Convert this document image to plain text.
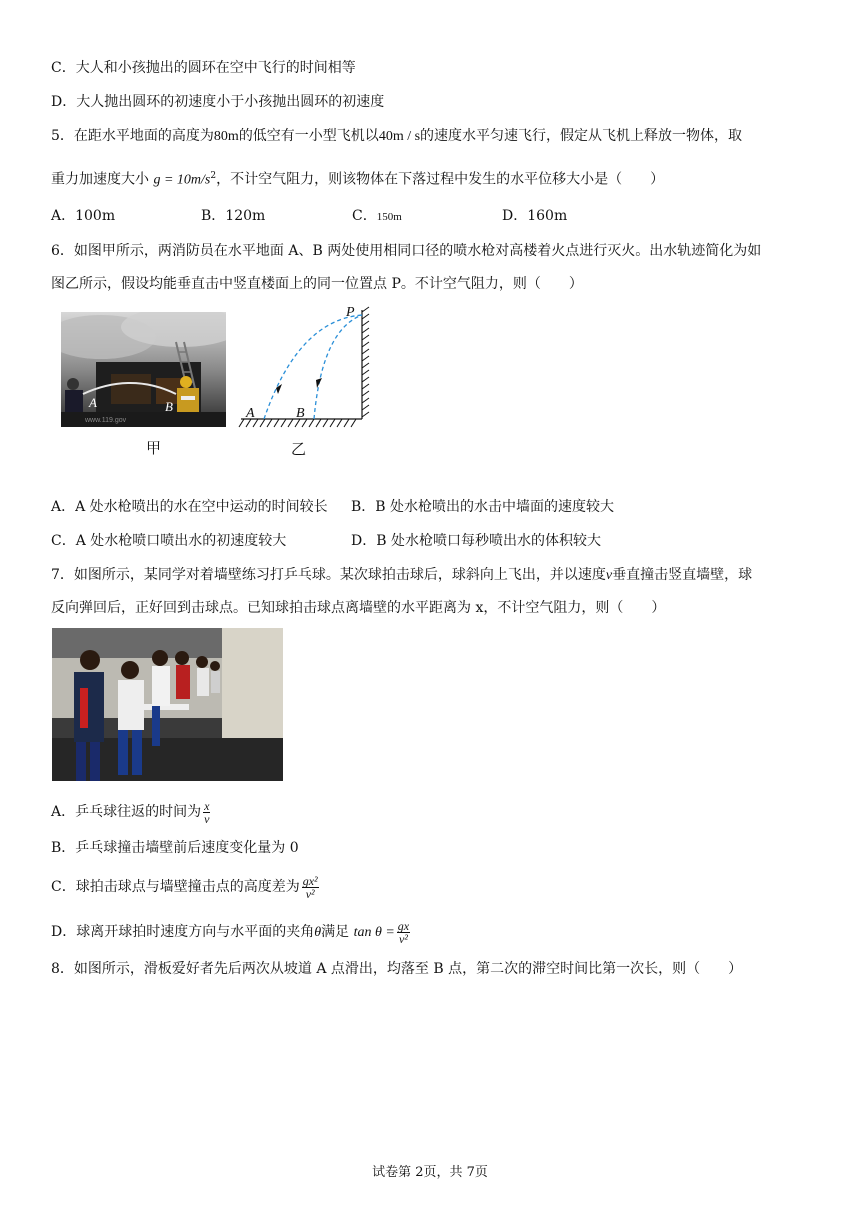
C．大人和小孩抛出的圆环在空中飞行的时间相等
D．大人抛出圆环的初速度小于小孩抛出圆环的初速度
5．在距水平地面的高度为80m的低空有一小型飞机以40m / s的速度水平匀速飞行，假定从飞机上释放一物体，取
重力加速度大小 $g = 10m/s^2$，不计空气阻力，则该物体在下落过程中发生的水平位移大小是（　　）
A．100m	B．120m	C．150m	D．160m
6．如图甲所示，两消防员在水平地面 A、B 两处使用相同口径的喷水枪对高楼着火点进行灭火。出水轨迹简化为如
图乙所示，假设均能垂直击中竖直楼面上的同一位置点 P。不计空气阻力，则（　　）
A	B
www.119.gov
甲
A	B
P
乙
A．A 处水枪喷出的水在空中运动的时间较长 B．B 处水枪喷出的水击中墙面的速度较大
C．A 处水枪喷口喷出水的初速度较大	D．B 处水枪喷口每秒喷出水的体积较大
7．如图所示，某同学对着墙壁练习打乒乓球。某次球拍击球后，球斜向上飞出，并以速度v垂直撞击竖直墙壁，球
反向弹回后，正好回到击球点。已知球拍击球点离墙壁的水平距离为 x，不计空气阻力，则（　　）
A．乒乓球往返的时间为 $\frac{x}{v}$
B．乒乓球撞击墙壁前后速度变化量为 0
C．球拍击球点与墙壁撞击点的高度差为 $\frac{\text{gx²}}{\text{v²}}$
D．球离开球拍时速度方向与水平面的夹角θ满足 $\tan \theta = \frac{gx}{\text{v²}}$
8．如图所示，滑板爱好者先后两次从坡道 A 点滑出，均落至 B 点，第二次的滞空时间比第一次长，则（　　）
试卷第 2页，共 7页
